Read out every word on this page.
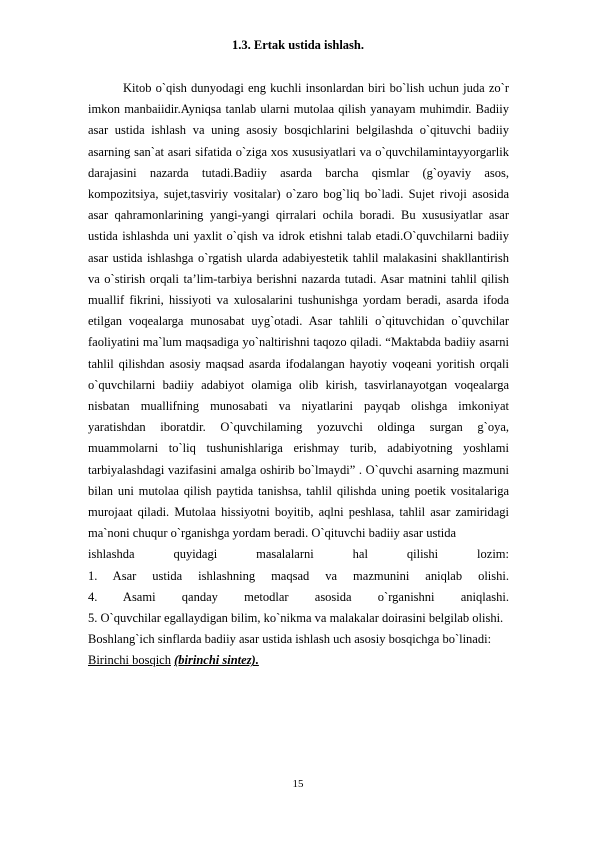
1.3. Ertak ustida ishlash.

Kitob o`qish dunyodagi eng kuchli insonlardan biri bo`lish uchun juda zo`r imkon manbaiidir.Ayniqsa tanlab ularni mutolaa qilish yanayam muhimdir. Badiiy asar ustida ishlash va uning asosiy bosqichlarini belgilashda o`qituvchi badiiy asarning san`at asari sifatida o`ziga xos xususiyatlari va o`quvchilamintayyorgarlik darajasini nazarda tutadi.Badiiy asarda barcha qismlar (g`oyaviy asos, kompozitsiya, sujet,tasviriy vositalar) o`zaro bog`liq bo`ladi. Sujet rivoji asosida asar qahramonlarining yangi-yangi qirralari ochila boradi. Bu xususiyatlar asar ustida ishlashda uni yaxlit o`qish va idrok etishni talab etadi.O`quvchilarni badiiy asar ustida ishlashga o`rgatish ularda adabiyestetik tahlil malakasini shakllantirish va o`stirish orqali ta’lim-tarbiya berishni nazarda tutadi. Asar matnini tahlil qilish muallif fikrini, hissiyoti va xulosalarini tushunishga yordam beradi, asarda ifoda etilgan voqealarga munosabat uyg`otadi. Asar tahlili o`qituvchidan o`quvchilar faoliyatini ma`lum maqsadiga yo`naltirishni taqozo qiladi. “Maktabda badiiy asarni tahlil qilishdan asosiy maqsad asarda ifodalangan hayotiy voqeani yoritish orqali o`quvchilarni badiiy adabiyot olamiga olib kirish, tasvirlanayotgan voqealarga nisbatan muallifning munosabati va niyatlarini payqab olishga imkoniyat yaratishdan iboratdir. O`quvchilaming yozuvchi oldinga surgan g`oya, muammolarni to`liq tushunishlariga erishmay turib, adabiyotning yoshlami tarbiyalashdagi vazifasini amalga oshirib bo`lmaydi” . O`quvchi asarning mazmuni bilan uni mutolaa qilish paytida tanishsa, tahlil qilishda uning poetik vositalariga murojaat qiladi. Mutolaa hissiyotni boyitib, aqlni peshlasa, tahlil asar zamiridagi ma`noni chuqur o`rganishga yordam beradi. O`qituvchi badiiy asar ustida

ishlashda quyidagi masalalarni hal qilishi lozim:

1. Asar ustida ishlashning maqsad va mazmunini aniqlab olishi.

4. Asami qanday metodlar asosida o`rganishni aniqlashi.

5. O`quvchilar egallaydigan bilim, ko`nikma va malakalar doirasini belgilab olishi.

Boshlang`ich sinflarda badiiy asar ustida ishlash uch asosiy bosqichga bo`linadi:

Birinchi bosqich (birinchi sintez).

15
